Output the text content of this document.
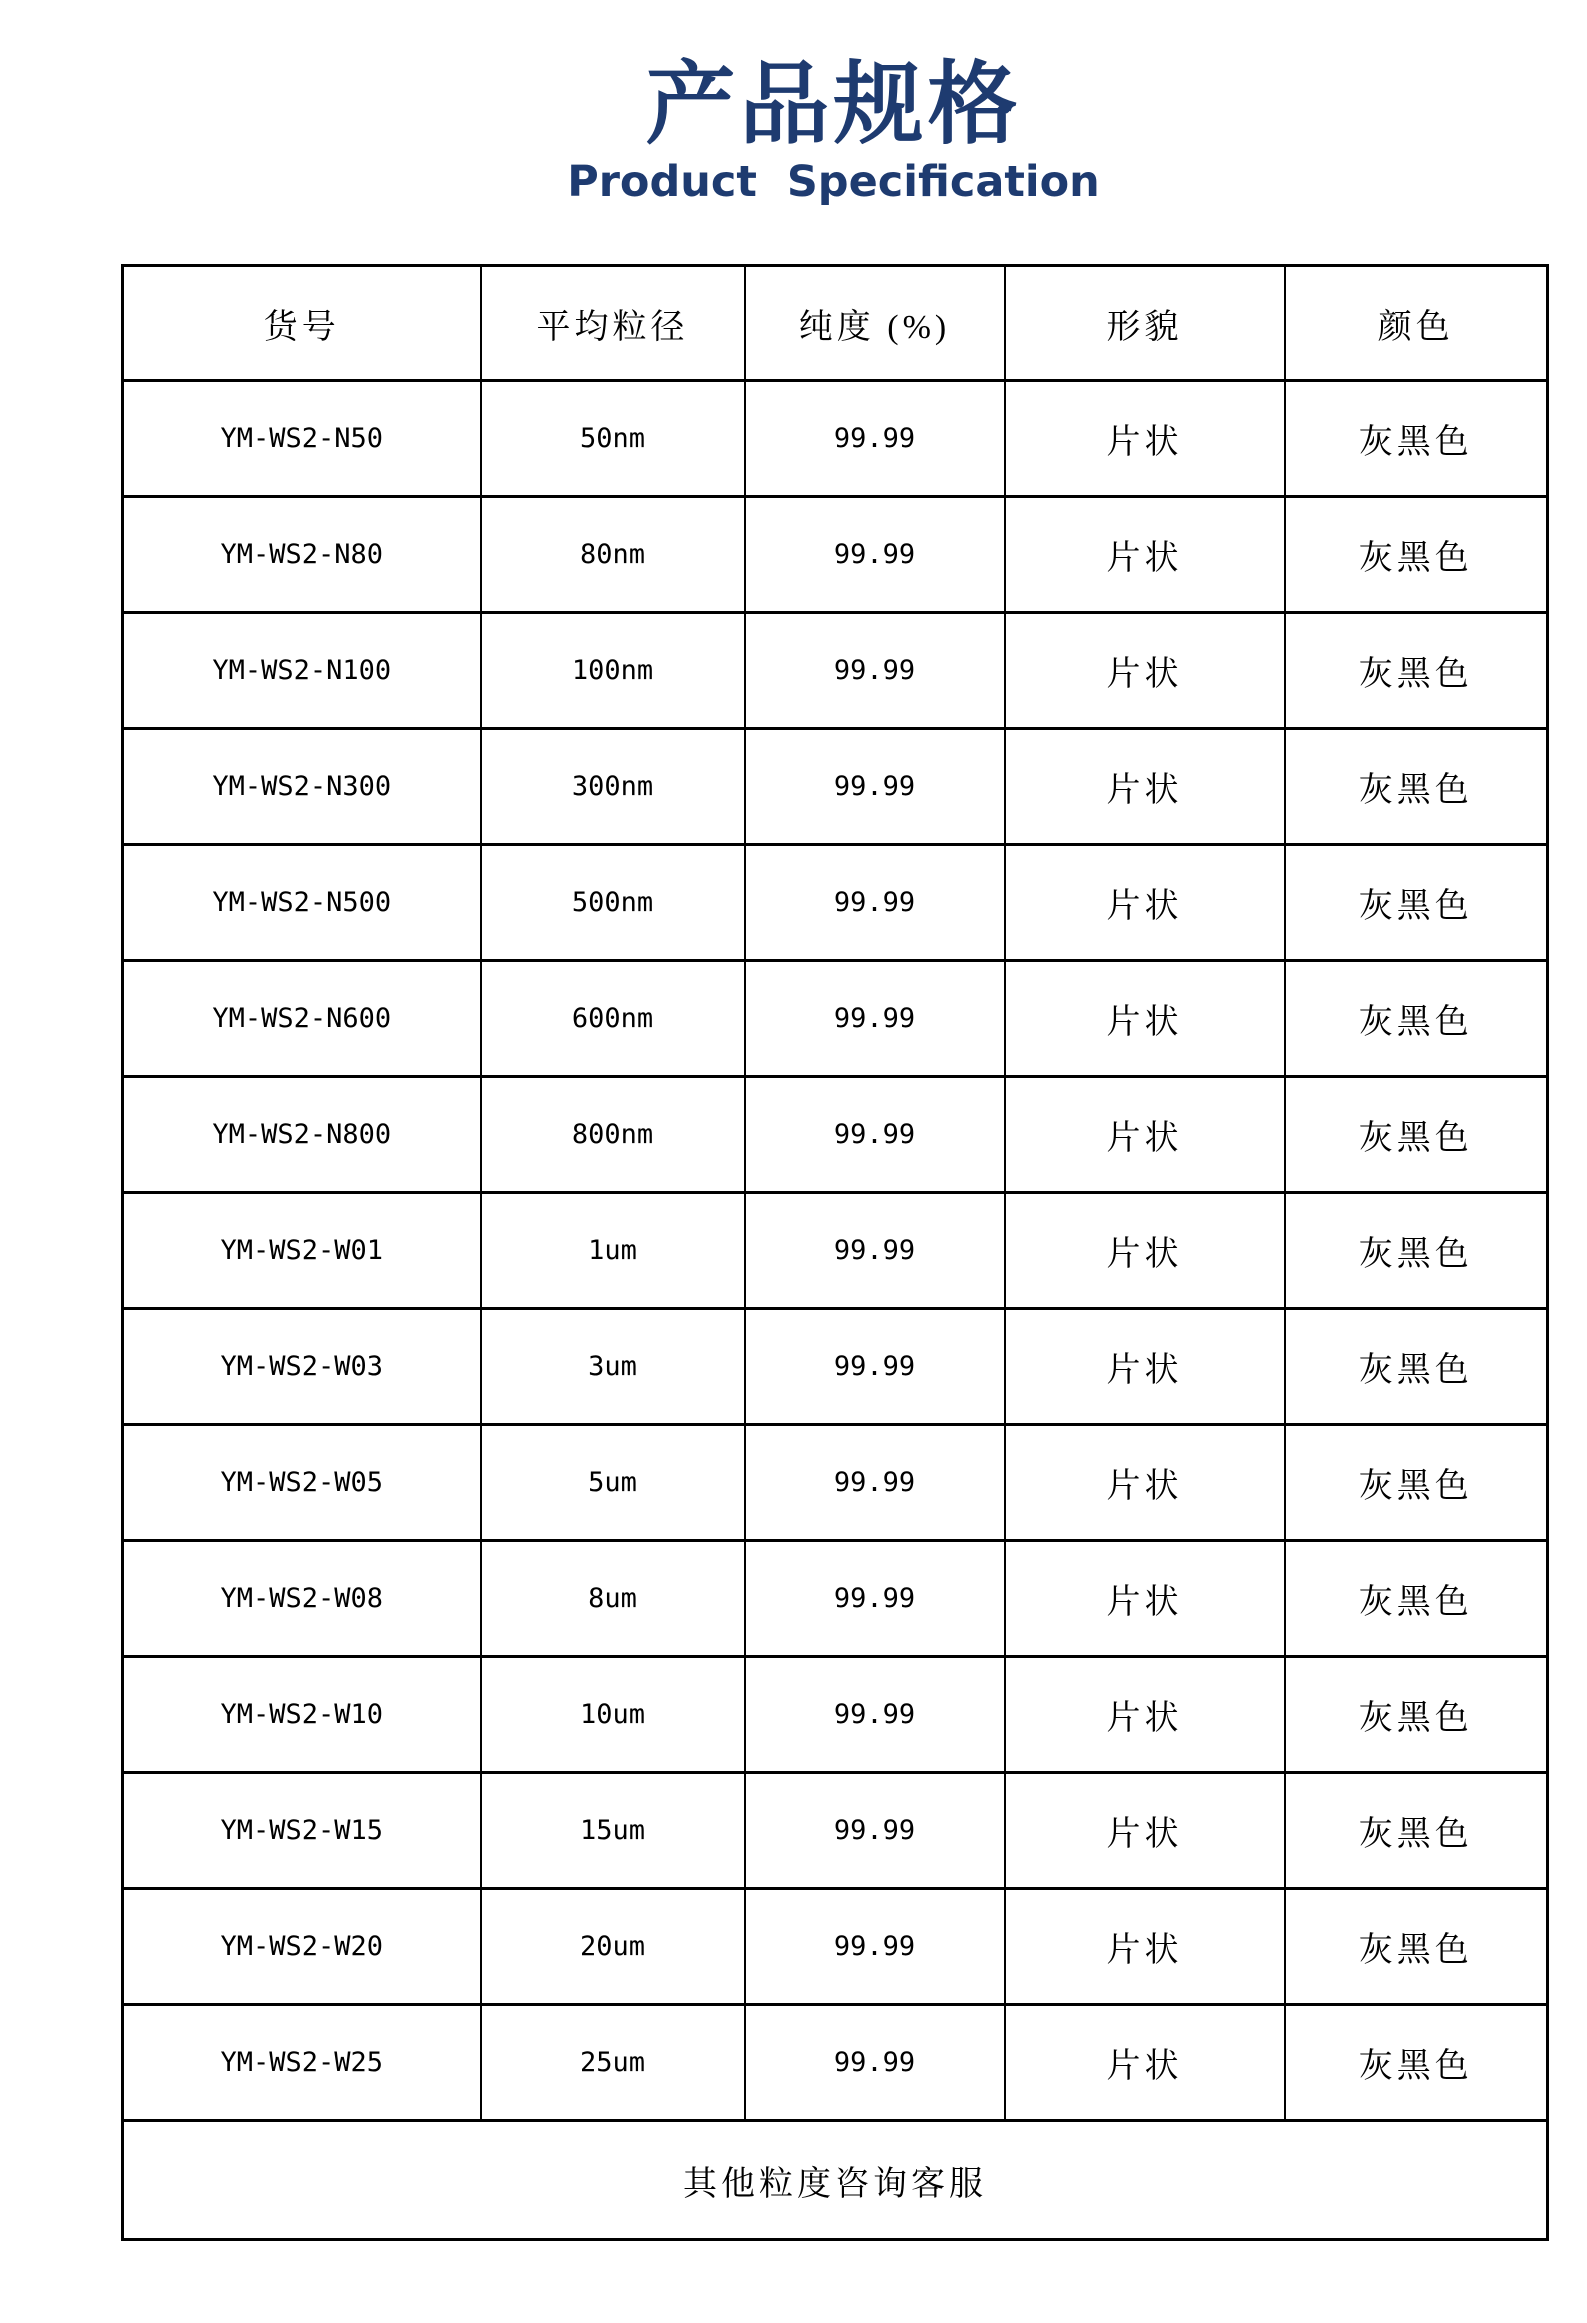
产品规格
Product  Specification
货号	平均粒径	纯度 (%)	形貌	颜色
YM-WS2-N50	50nm	99.99	片状	灰黑色
YM-WS2-N80	80nm	99.99	片状	灰黑色
YM-WS2-N100	100nm	99.99	片状	灰黑色
YM-WS2-N300	300nm	99.99	片状	灰黑色
YM-WS2-N500	500nm	99.99	片状	灰黑色
YM-WS2-N600	600nm	99.99	片状	灰黑色
YM-WS2-N800	800nm	99.99	片状	灰黑色
YM-WS2-W01	1um	99.99	片状	灰黑色
YM-WS2-W03	3um	99.99	片状	灰黑色
YM-WS2-W05	5um	99.99	片状	灰黑色
YM-WS2-W08	8um	99.99	片状	灰黑色
YM-WS2-W10	10um	99.99	片状	灰黑色
YM-WS2-W15	15um	99.99	片状	灰黑色
YM-WS2-W20	20um	99.99	片状	灰黑色
YM-WS2-W25	25um	99.99	片状	灰黑色
其他粒度咨询客服				
